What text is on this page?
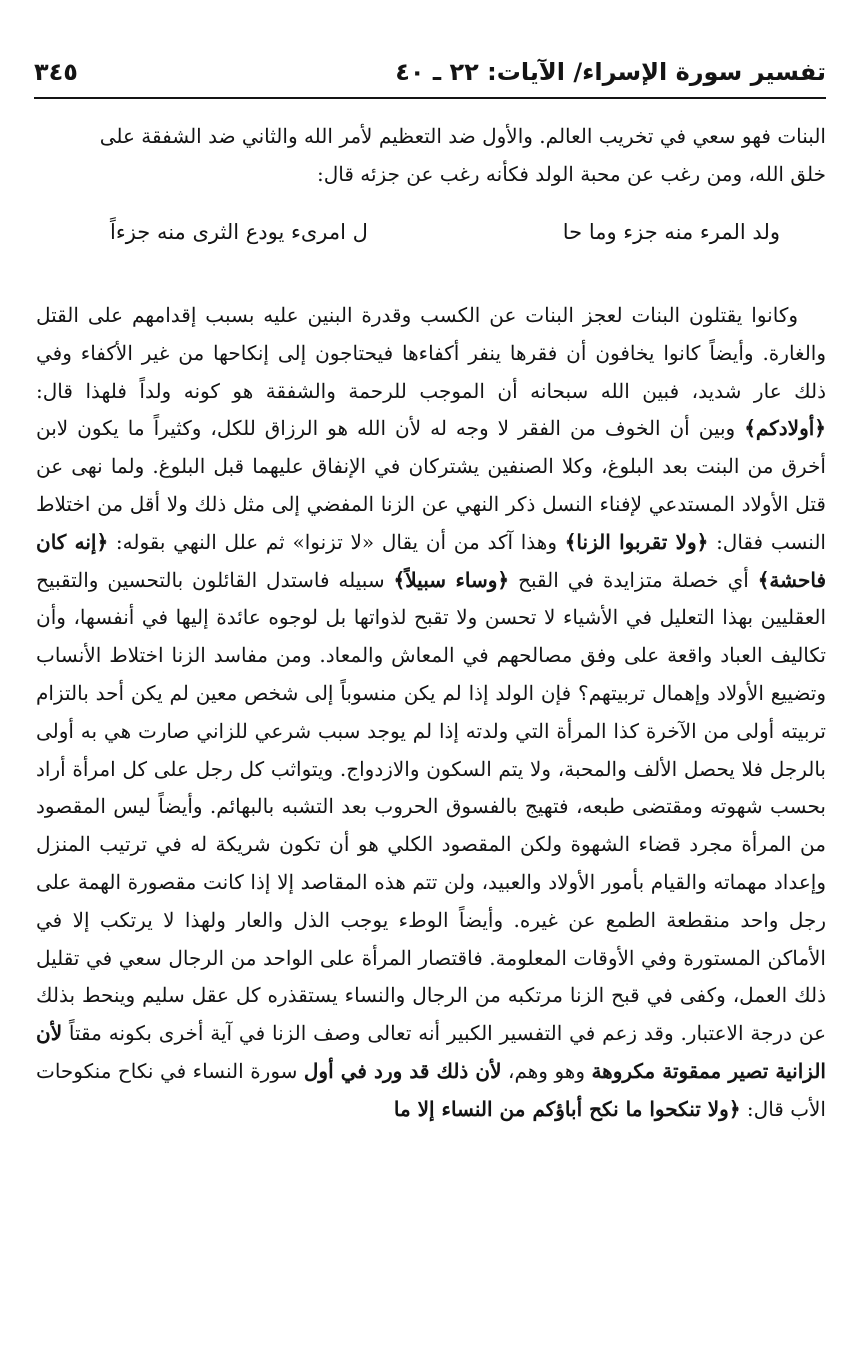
تفسير سورة الإسراء/ الآيات: ٢٢ ـ ٤٠
٣٤٥

البنات فهو سعي في تخريب العالم. والأول ضد التعظيم لأمر الله والثاني ضد الشفقة على

خلق الله، ومن رغب عن محبة الولد فكأنه رغب عن جزئه قال:

ولد المرء منه جزء وما حا
ل امرىء يودع الثرى منه جزءاً

وكانوا يقتلون البنات لعجز البنات عن الكسب وقدرة البنين عليه بسبب إقدامهم على القتل والغارة. وأيضاً كانوا يخافون أن فقرها ينفر أكفاءها فيحتاجون إلى إنكاحها من غير الأكفاء وفي ذلك عار شديد، فبين الله سبحانه أن الموجب للرحمة والشفقة هو كونه ولداً فلهذا قال: ﴿أولادكم﴾ وبين أن الخوف من الفقر لا وجه له لأن الله هو الرزاق للكل، وكثيراً ما يكون لابن أخرق من البنت بعد البلوغ، وكلا الصنفين يشتركان في الإنفاق عليهما قبل البلوغ. ولما نهى عن قتل الأولاد المستدعي لإفناء النسل ذكر النهي عن الزنا المفضي إلى مثل ذلك ولا أقل من اختلاط النسب فقال: ﴿ولا تقربوا الزنا﴾ وهذا آكد من أن يقال «لا تزنوا» ثم علل النهي بقوله: ﴿إنه كان فاحشة﴾ أي خصلة متزايدة في القبح ﴿وساء سبيلاً﴾ سبيله فاستدل القائلون بالتحسين والتقبيح العقليين بهذا التعليل في الأشياء لا تحسن ولا تقبح لذواتها بل لوجوه عائدة إليها في أنفسها، وأن تكاليف العباد واقعة على وفق مصالحهم في المعاش والمعاد. ومن مفاسد الزنا اختلاط الأنساب وتضييع الأولاد وإهمال تربيتهم؟ فإن الولد إذا لم يكن منسوباً إلى شخص معين لم يكن أحد بالتزام تربيته أولى من الآخرة كذا المرأة التي ولدته إذا لم يوجد سبب شرعي للزاني صارت هي به أولى بالرجل فلا يحصل الألف والمحبة، ولا يتم السكون والازدواج. ويتواثب كل رجل على كل امرأة أراد بحسب شهوته ومقتضى طبعه، فتهيج بالفسوق الحروب بعد التشبه بالبهائم. وأيضاً ليس المقصود من المرأة مجرد قضاء الشهوة ولكن المقصود الكلي هو أن تكون شريكة له في ترتيب المنزل وإعداد مهماته والقيام بأمور الأولاد والعبيد، ولن تتم هذه المقاصد إلا إذا كانت مقصورة الهمة على رجل واحد منقطعة الطمع عن غيره. وأيضاً الوطء يوجب الذل والعار ولهذا لا يرتكب إلا في الأماكن المستورة وفي الأوقات المعلومة. فاقتصار المرأة على الواحد من الرجال سعي في تقليل ذلك العمل، وكفى في قبح الزنا مرتكبه من الرجال والنساء يستقذره كل عقل سليم وينحط بذلك عن درجة الاعتبار. وقد زعم في التفسير الكبير أنه تعالى وصف الزنا في آية أخرى بكونه مقتاً لأن الزانية تصير ممقوتة مكروهة وهو وهم، لأن ذلك قد ورد في أول سورة النساء في نكاح منكوحات الأب قال: ﴿ولا تنكحوا ما نكح أباؤكم من النساء إلا ما
